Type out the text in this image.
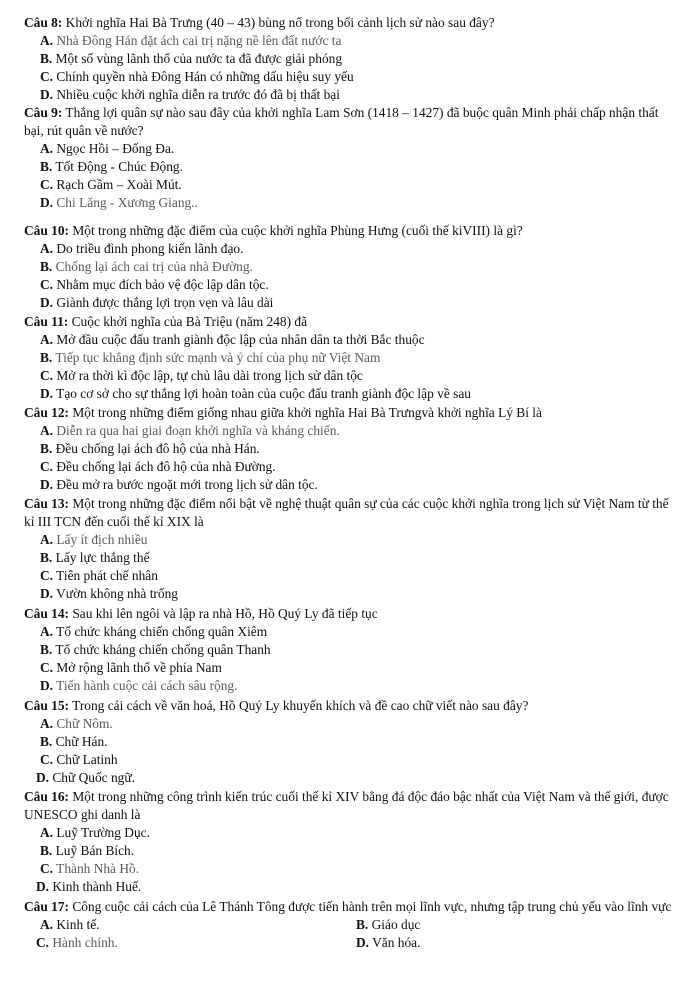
Câu 8: Khởi nghĩa Hai Bà Trưng (40 – 43) bùng nổ trong bối cảnh lịch sử nào sau đây?
A. Nhà Đông Hán đặt ách cai trị nặng nề lên đất nước ta
B. Một số vùng lãnh thổ của nước ta đã được giải phóng
C. Chính quyền nhà Đông Hán có những dấu hiệu suy yếu
D. Nhiều cuộc khởi nghĩa diễn ra trước đó đã bị thất bại
Câu 9: Thắng lợi quân sự nào sau đây của khởi nghĩa Lam Sơn (1418 – 1427) đã buộc quân Minh phải chấp nhận thất bại, rút quân về nước?
A. Ngọc Hồi – Đống Đa.
B. Tốt Động - Chúc Động.
C. Rạch Gầm – Xoài Mút.
D. Chi Lăng - Xương Giang..
Câu 10: Một trong những đặc điểm của cuộc khởi nghĩa Phùng Hưng (cuối thế kiVIII) là gì?
A. Do triều đình phong kiến lãnh đạo.
B. Chống lại ách cai trị của nhà Đường.
C. Nhằm mục đích bảo vệ độc lập dân tộc.
D. Giành được thắng lợi trọn vẹn và lâu dài
Câu 11: Cuộc khởi nghĩa của Bà Triệu (năm 248) đã
A. Mở đầu cuộc đấu tranh giành độc lập của nhân dân ta thời Bắc thuộc
B. Tiếp tục khẳng định sức mạnh và ý chí của phụ nữ Việt Nam
C. Mở ra thời kì độc lập, tự chủ lâu dài trong lịch sử dân tộc
D. Tạo cơ sở cho sự thắng lợi hoàn toàn của cuộc đấu tranh giành độc lập về sau
Câu 12: Một trong những điểm giống nhau giữa khởi nghĩa Hai Bà Trưngvà khởi nghĩa Lý Bí là
A. Diễn ra qua hai giai đoạn khởi nghĩa và kháng chiến.
B. Đều chống lại ách đô hộ của nhà Hán.
C. Đều chống lại ách đô hộ của nhà Đường.
D. Đều mở ra bước ngoặt mới trong lịch sử dân tộc.
Câu 13: Một trong những đặc điểm nổi bật về nghệ thuật quân sự của các cuộc khởi nghĩa trong lịch sử Việt Nam từ thế kỉ III TCN đến cuối thế kỉ XIX là
A. Lấy ít địch nhiều
B. Lấy lực thắng thế
C. Tiên phát chế nhân
D. Vườn không nhà trống
Câu 14: Sau khi lên ngôi và lập ra nhà Hồ, Hồ Quý Ly đã tiếp tục
A. Tổ chức kháng chiến chống quân Xiêm
B. Tổ chức kháng chiến chống quân Thanh
C. Mở rộng lãnh thổ về phía Nam
D. Tiến hành cuộc cải cách sâu rộng.
Câu 15: Trong cải cách về văn hoá, Hồ Quý Ly khuyến khích và đề cao chữ viết nào sau đây?
A. Chữ Nôm.
B. Chữ Hán.
C. Chữ Latinh
D. Chữ Quốc ngữ.
Câu 16: Một trong những công trình kiến trúc cuối thế kỉ XIV bằng đá độc đáo bậc nhất của Việt Nam và thế giới, được UNESCO ghi danh là
A. Luỹ Trường Dục.
B. Luỹ Bán Bích.
C. Thành Nhà Hồ.
D. Kinh thành Huế.
Câu 17: Công cuộc cải cách của Lê Thánh Tông được tiến hành trên mọi lĩnh vực, nhưng tập trung chủ yếu vào lĩnh vực
A. Kinh tế.	B. Giáo dục
C. Hành chính.	D. Văn hóa.
